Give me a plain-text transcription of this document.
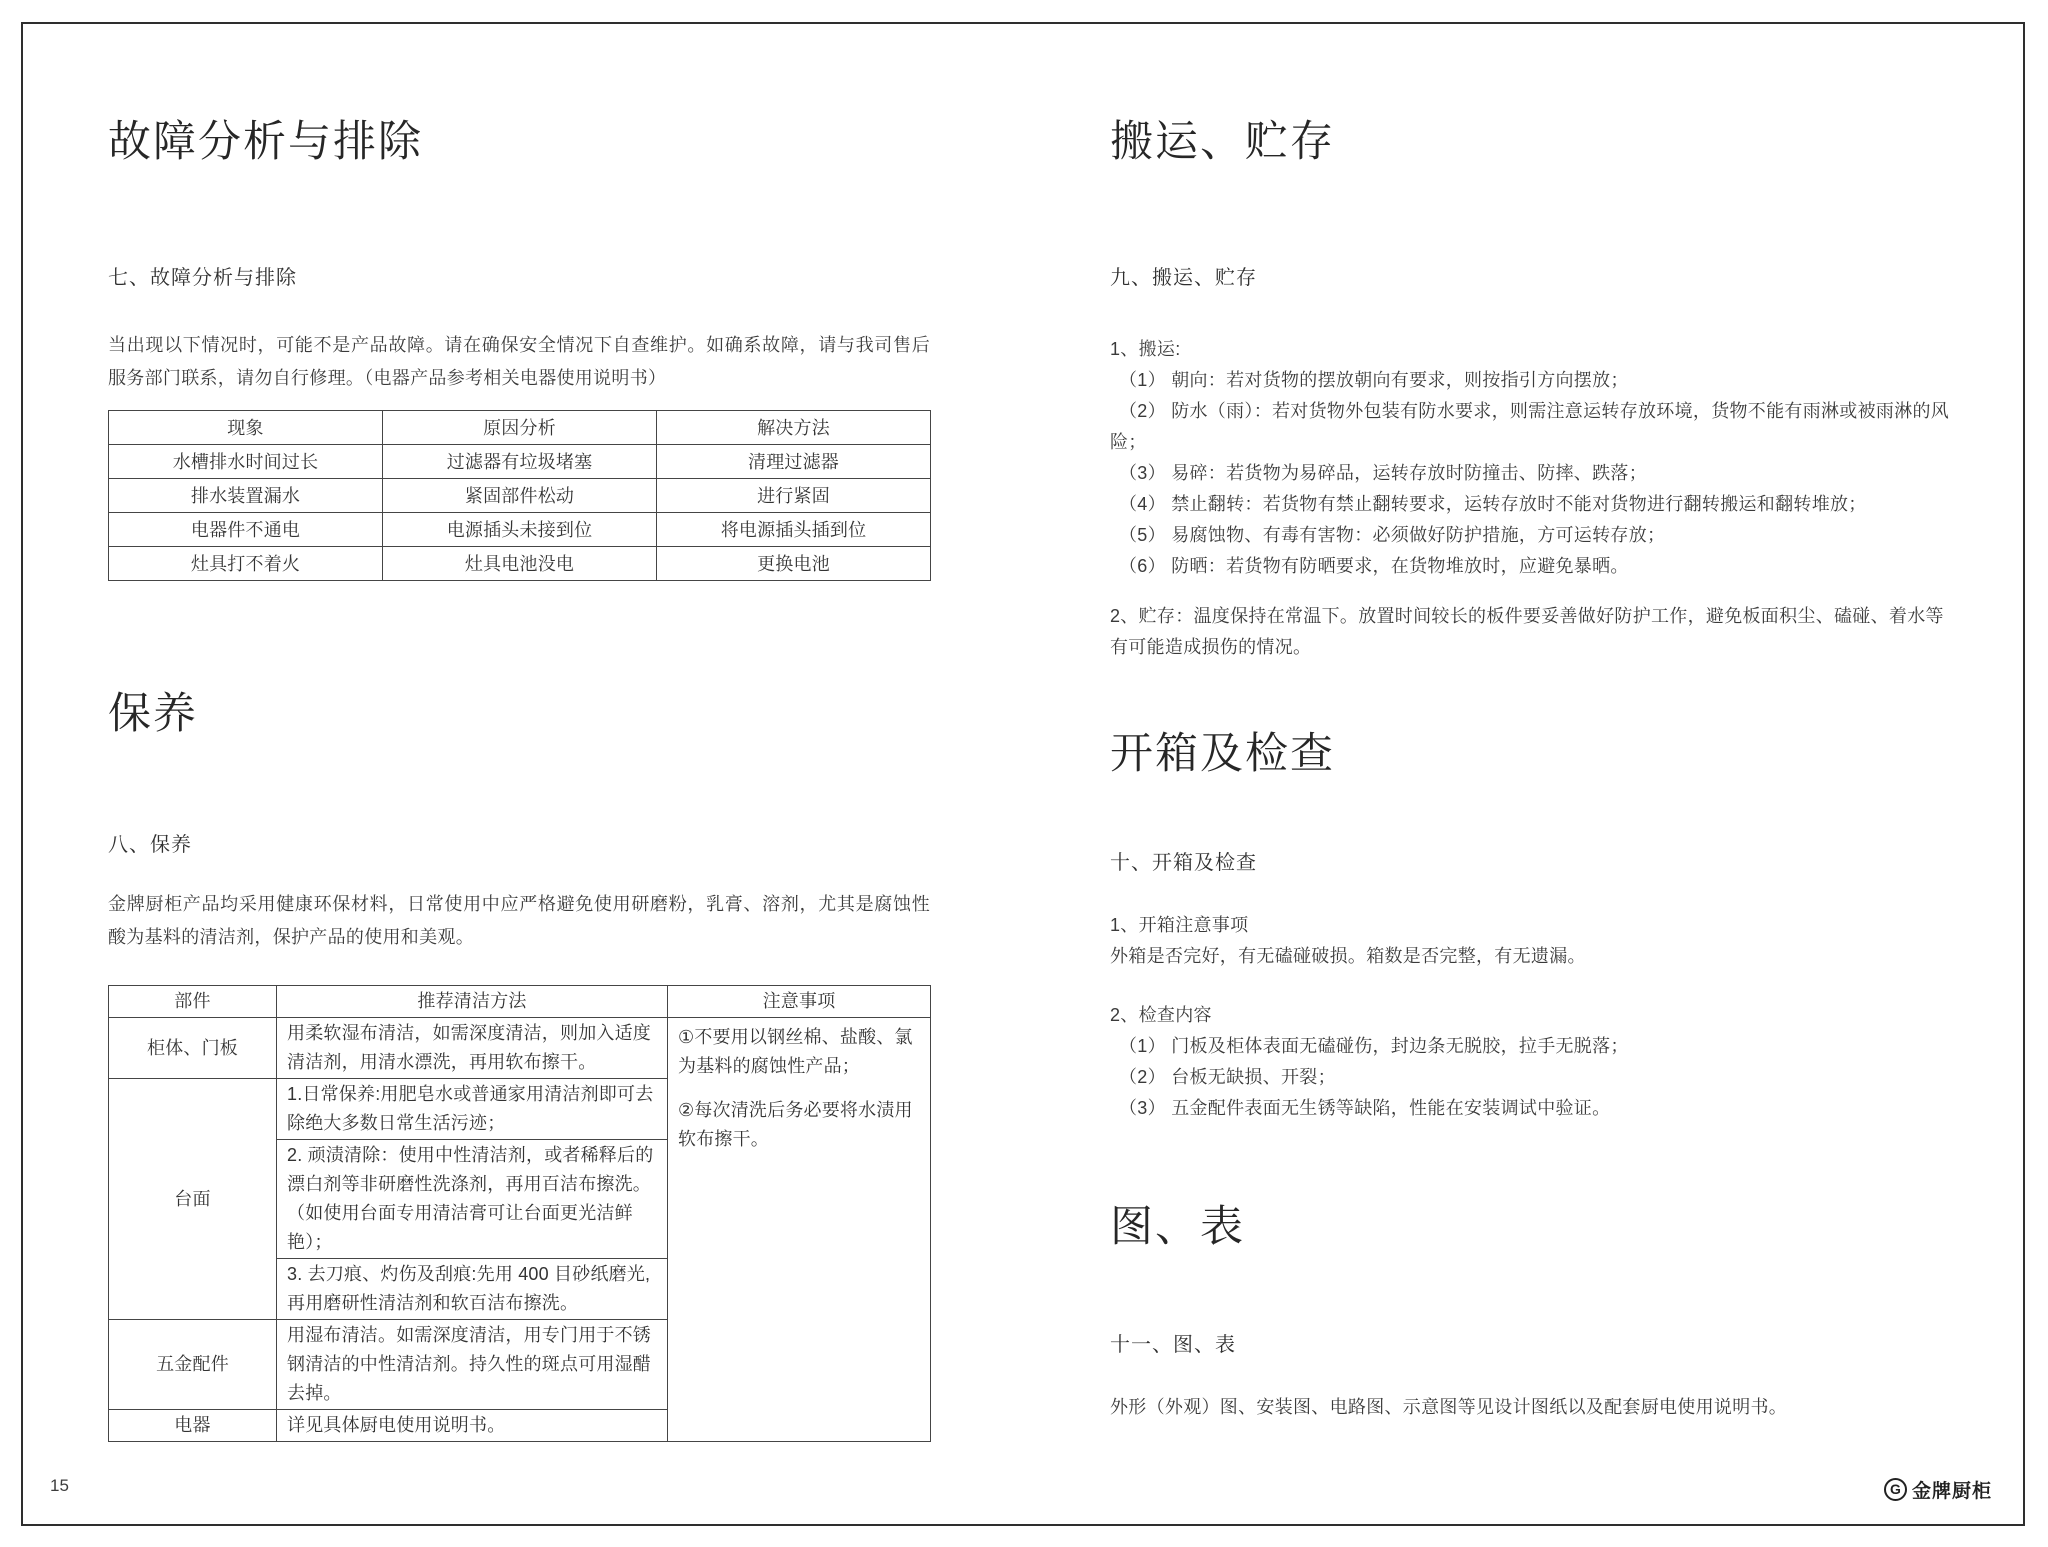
故障分析与排除
七、故障分析与排除
当出现以下情况时，可能不是产品故障。请在确保安全情况下自查维护。如确系故障，请与我司售后服务部门联系，请勿自行修理。（电器产品参考相关电器使用说明书）
现象	原因分析	解决方法
水槽排水时间过长	过滤器有垃圾堵塞	清理过滤器
排水装置漏水	紧固部件松动	进行紧固
电器件不通电	电源插头未接到位	将电源插头插到位
灶具打不着火	灶具电池没电	更换电池
保养
八、保养
金牌厨柜产品均采用健康环保材料，日常使用中应严格避免使用研磨粉，乳膏、溶剂，尤其是腐蚀性酸为基料的清洁剂，保护产品的使用和美观。
部件	推荐清洁方法	注意事项
柜体、门板	用柔软湿布清洁，如需深度清洁，则加入适度清洁剂，用清水漂洗，再用软布擦干。	①不要用以钢丝棉、盐酸、氯为基料的腐蚀性产品；
②每次清洗后务必要将水渍用软布擦干。

台面	1.日常保养:用肥皂水或普通家用清洁剂即可去除绝大多数日常生活污迹；	
	2. 顽渍清除：使用中性清洁剂，或者稀释后的漂白剂等非研磨性洗涤剂，再用百洁布擦洗。（如使用台面专用清洁膏可让台面更光洁鲜艳）；	
	3. 去刀痕、灼伤及刮痕:先用 400 目砂纸磨光,再用磨研性清洁剂和软百洁布擦洗。	
五金配件	用湿布清洁。如需深度清洁，用专门用于不锈钢清洁的中性清洁剂。持久性的斑点可用湿醋去掉。	
电器	详见具体厨电使用说明书。	
搬运、贮存
九、搬运、贮存
1、搬运:
（1） 朝向：若对货物的摆放朝向有要求，则按指引方向摆放；
（2） 防水（雨）：若对货物外包装有防水要求，则需注意运转存放环境，货物不能有雨淋或被雨淋的风险；
（3） 易碎：若货物为易碎品，运转存放时防撞击、防摔、跌落；
（4） 禁止翻转：若货物有禁止翻转要求，运转存放时不能对货物进行翻转搬运和翻转堆放；
（5） 易腐蚀物、有毒有害物：必须做好防护措施，方可运转存放；
（6） 防晒：若货物有防晒要求，在货物堆放时，应避免暴晒。
2、贮存：温度保持在常温下。放置时间较长的板件要妥善做好防护工作，避免板面积尘、磕碰、着水等有可能造成损伤的情况。
开箱及检查
十、开箱及检查
1、开箱注意事项
外箱是否完好，有无磕碰破损。箱数是否完整，有无遗漏。
2、检查内容
（1） 门板及柜体表面无磕碰伤，封边条无脱胶，拉手无脱落；
（2） 台板无缺损、开裂；
（3） 五金配件表面无生锈等缺陷，性能在安装调试中验证。
图、表
十一、图、表
外形（外观）图、安装图、电路图、示意图等见设计图纸以及配套厨电使用说明书。
15	G 金牌厨柜
